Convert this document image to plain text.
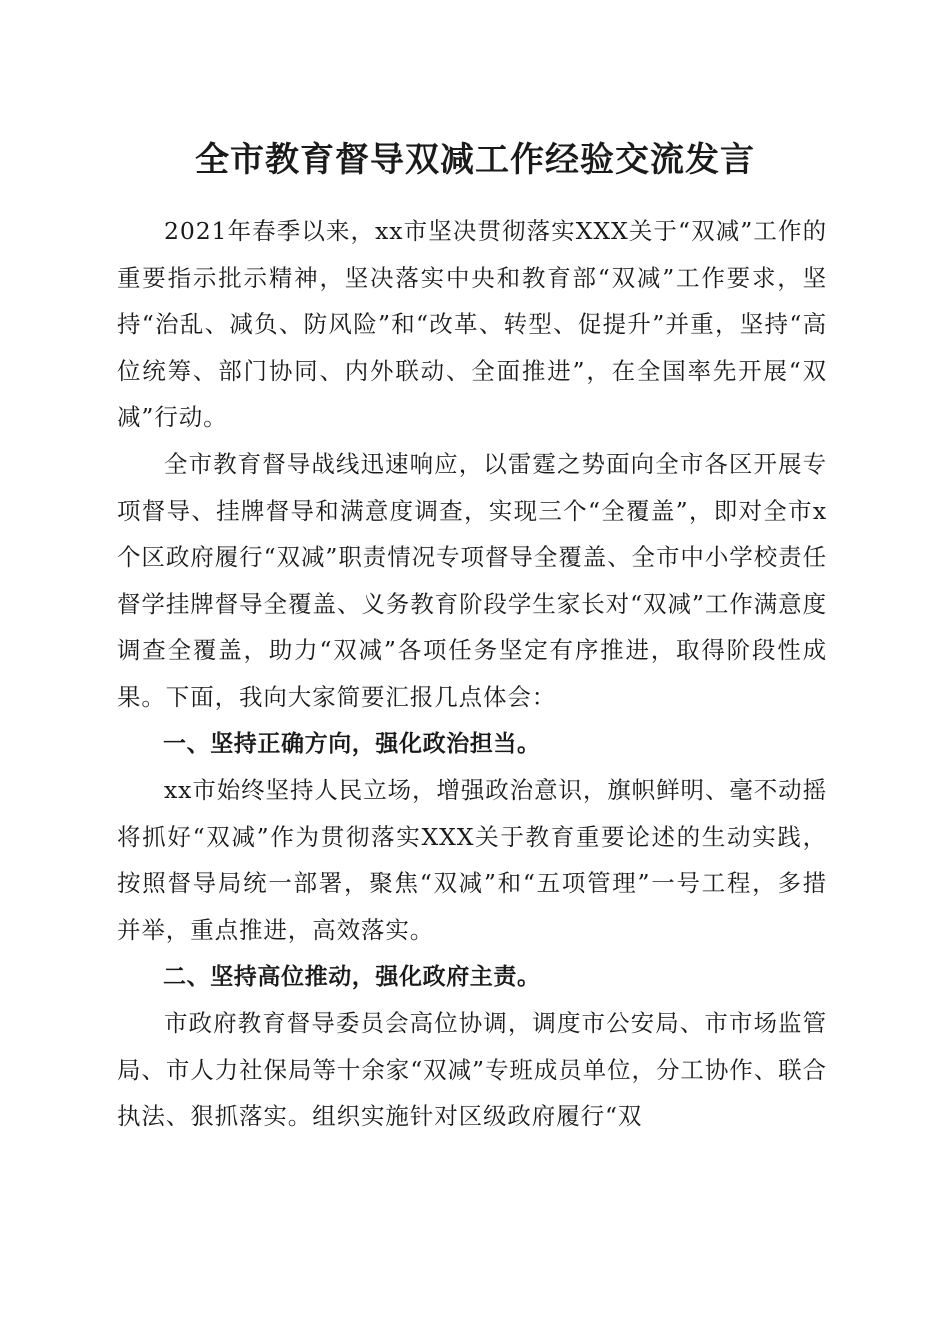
全市教育督导双减工作经验交流发言

2021年春季以来，xx市坚决贯彻落实XXX关于“双减”工作的重要指示批示精神，坚决落实中央和教育部“双减”工作要求，坚持“治乱、减负、防风险”和“改革、转型、促提升”并重，坚持“高位统筹、部门协同、内外联动、全面推进”，在全国率先开展“双减”行动。

全市教育督导战线迅速响应，以雷霆之势面向全市各区开展专项督导、挂牌督导和满意度调查，实现三个“全覆盖”，即对全市x个区政府履行“双减”职责情况专项督导全覆盖、全市中小学校责任督学挂牌督导全覆盖、义务教育阶段学生家长对“双减”工作满意度调查全覆盖，助力“双减”各项任务坚定有序推进，取得阶段性成果。下面，我向大家简要汇报几点体会：

一、坚持正确方向，强化政治担当。

xx市始终坚持人民立场，增强政治意识，旗帜鲜明、毫不动摇将抓好“双减”作为贯彻落实XXX关于教育重要论述的生动实践，按照督导局统一部署，聚焦“双减”和“五项管理”一号工程，多措并举，重点推进，高效落实。

二、坚持高位推动，强化政府主责。

市政府教育督导委员会高位协调，调度市公安局、市市场监管局、市人力社保局等十余家“双减”专班成员单位，分工协作、联合执法、狠抓落实。组织实施针对区级政府履行“双
